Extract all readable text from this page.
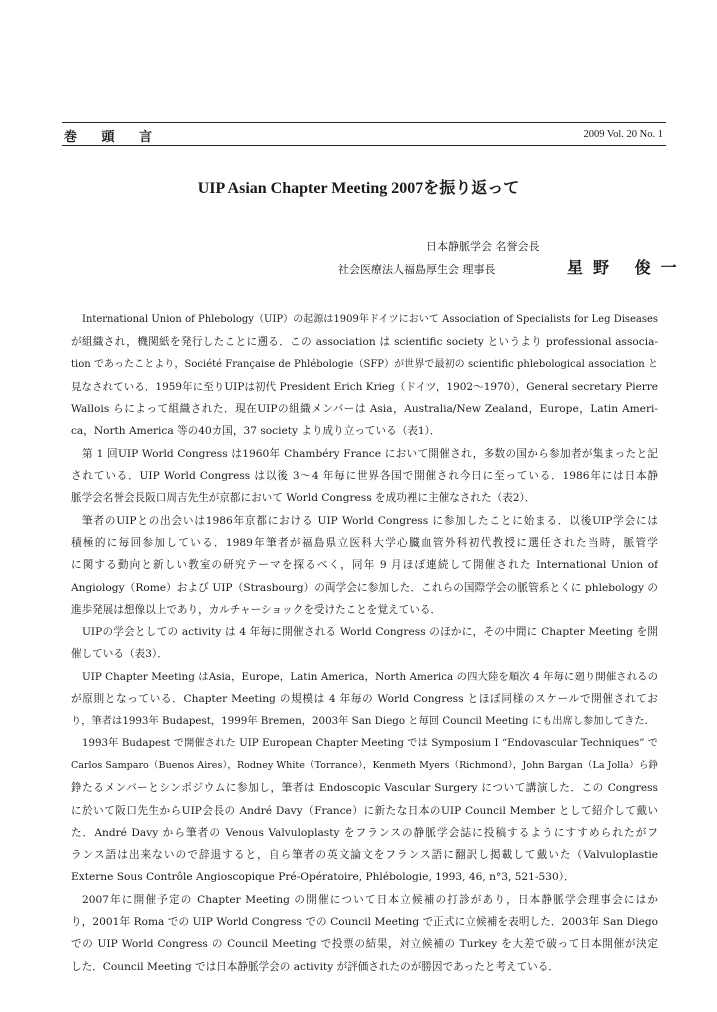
巻 頭 言	2009 Vol. 20 No. 1
UIP Asian Chapter Meeting 2007を振り返って
日本静脈学会 名誉会長
社会医療法人福島厚生会 理事長	星野 俊一
International Union of Phlebology（UIP）の起源は1909年ドイツにおいて Association of Specialists for Leg Diseases
が組織され，機関紙を発行したことに遡る．この association は scientific society というより professional associa-
tion であったことより，Société Française de Phlébologie（SFP）が世界で最初の scientific phlebological association と
見なされている．1959年に至りUIPは初代 President Erich Krieg（ドイツ，1902～1970），General secretary Pierre
Wallois らによって組織された．現在UIPの組織メンバーは Asia，Australia/New Zealand，Europe，Latin Ameri-
ca，North America 等の40カ国，37 society より成り立っている（表1）．
第 1 回UIP World Congress は1960年 Chambéry France において開催され，多数の国から参加者が集まったと記
されている．UIP World Congress は以後 3～4 年毎に世界各国で開催され今日に至っている．1986年には日本静
脈学会名誉会長阪口周吉先生が京都において World Congress を成功裡に主催なされた（表2）．
筆者のUIPとの出会いは1986年京都における UIP World Congress に参加したことに始まる．以後UIP学会には
積極的に毎回参加している．1989年筆者が福島県立医科大学心臓血管外科初代教授に選任された当時，脈管学
に関する動向と新しい教室の研究テーマを探るべく，同年 9 月ほぼ連続して開催された International Union of
Angiology（Rome）および UIP（Strasbourg）の両学会に参加した．これらの国際学会の脈管系とくに phlebology の
進歩発展は想像以上であり，カルチャーショックを受けたことを覚えている．
UIPの学会としての activity は 4 年毎に開催される World Congress のほかに，その中間に Chapter Meeting を開
催している（表3）．
UIP Chapter Meeting はAsia，Europe，Latin America，North America の四大陸を順次 4 年毎に廻り開催されるの
が原則となっている．Chapter Meeting の規模は 4 年毎の World Congress とほぼ同様のスケールで開催されてお
り，筆者は1993年 Budapest，1999年 Bremen，2003年 San Diego と毎回 Council Meeting にも出席し参加してきた．
1993年 Budapest で開催された UIP European Chapter Meeting では Symposium I “Endovascular Techniques” で
Carlos Samparo（Buenos Aires），Rodney White（Torrance），Kenmeth Myers（Richmond），John Bargan（La Jolla）ら錚
錚たるメンバーとシンポジウムに参加し，筆者は Endoscopic Vascular Surgery について講演した．この Congress
に於いて阪口先生からUIP会長の André Davy（France）に新たな日本のUIP Council Member として紹介して戴い
た．André Davy から筆者の Venous Valvuloplasty をフランスの静脈学会誌に投稿するようにすすめられたがフ
ランス語は出来ないので辞退すると，自ら筆者の英文論文をフランス語に翻訳し掲載して戴いた（Valvuloplastie
Externe Sous Contrôle Angioscopique Pré-Opératoire, Phlébologie, 1993, 46, n°3, 521-530）．
2007年に開催予定の Chapter Meeting の開催について日本立候補の打診があり，日本静脈学会理事会にはか
り，2001年 Roma での UIP World Congress での Council Meeting で正式に立候補を表明した．2003年 San Diego
での UIP World Congress の Council Meeting で投票の結果，対立候補の Turkey を大差で破って日本開催が決定
した．Council Meeting では日本静脈学会の activity が評価されたのが勝因であったと考えている．
